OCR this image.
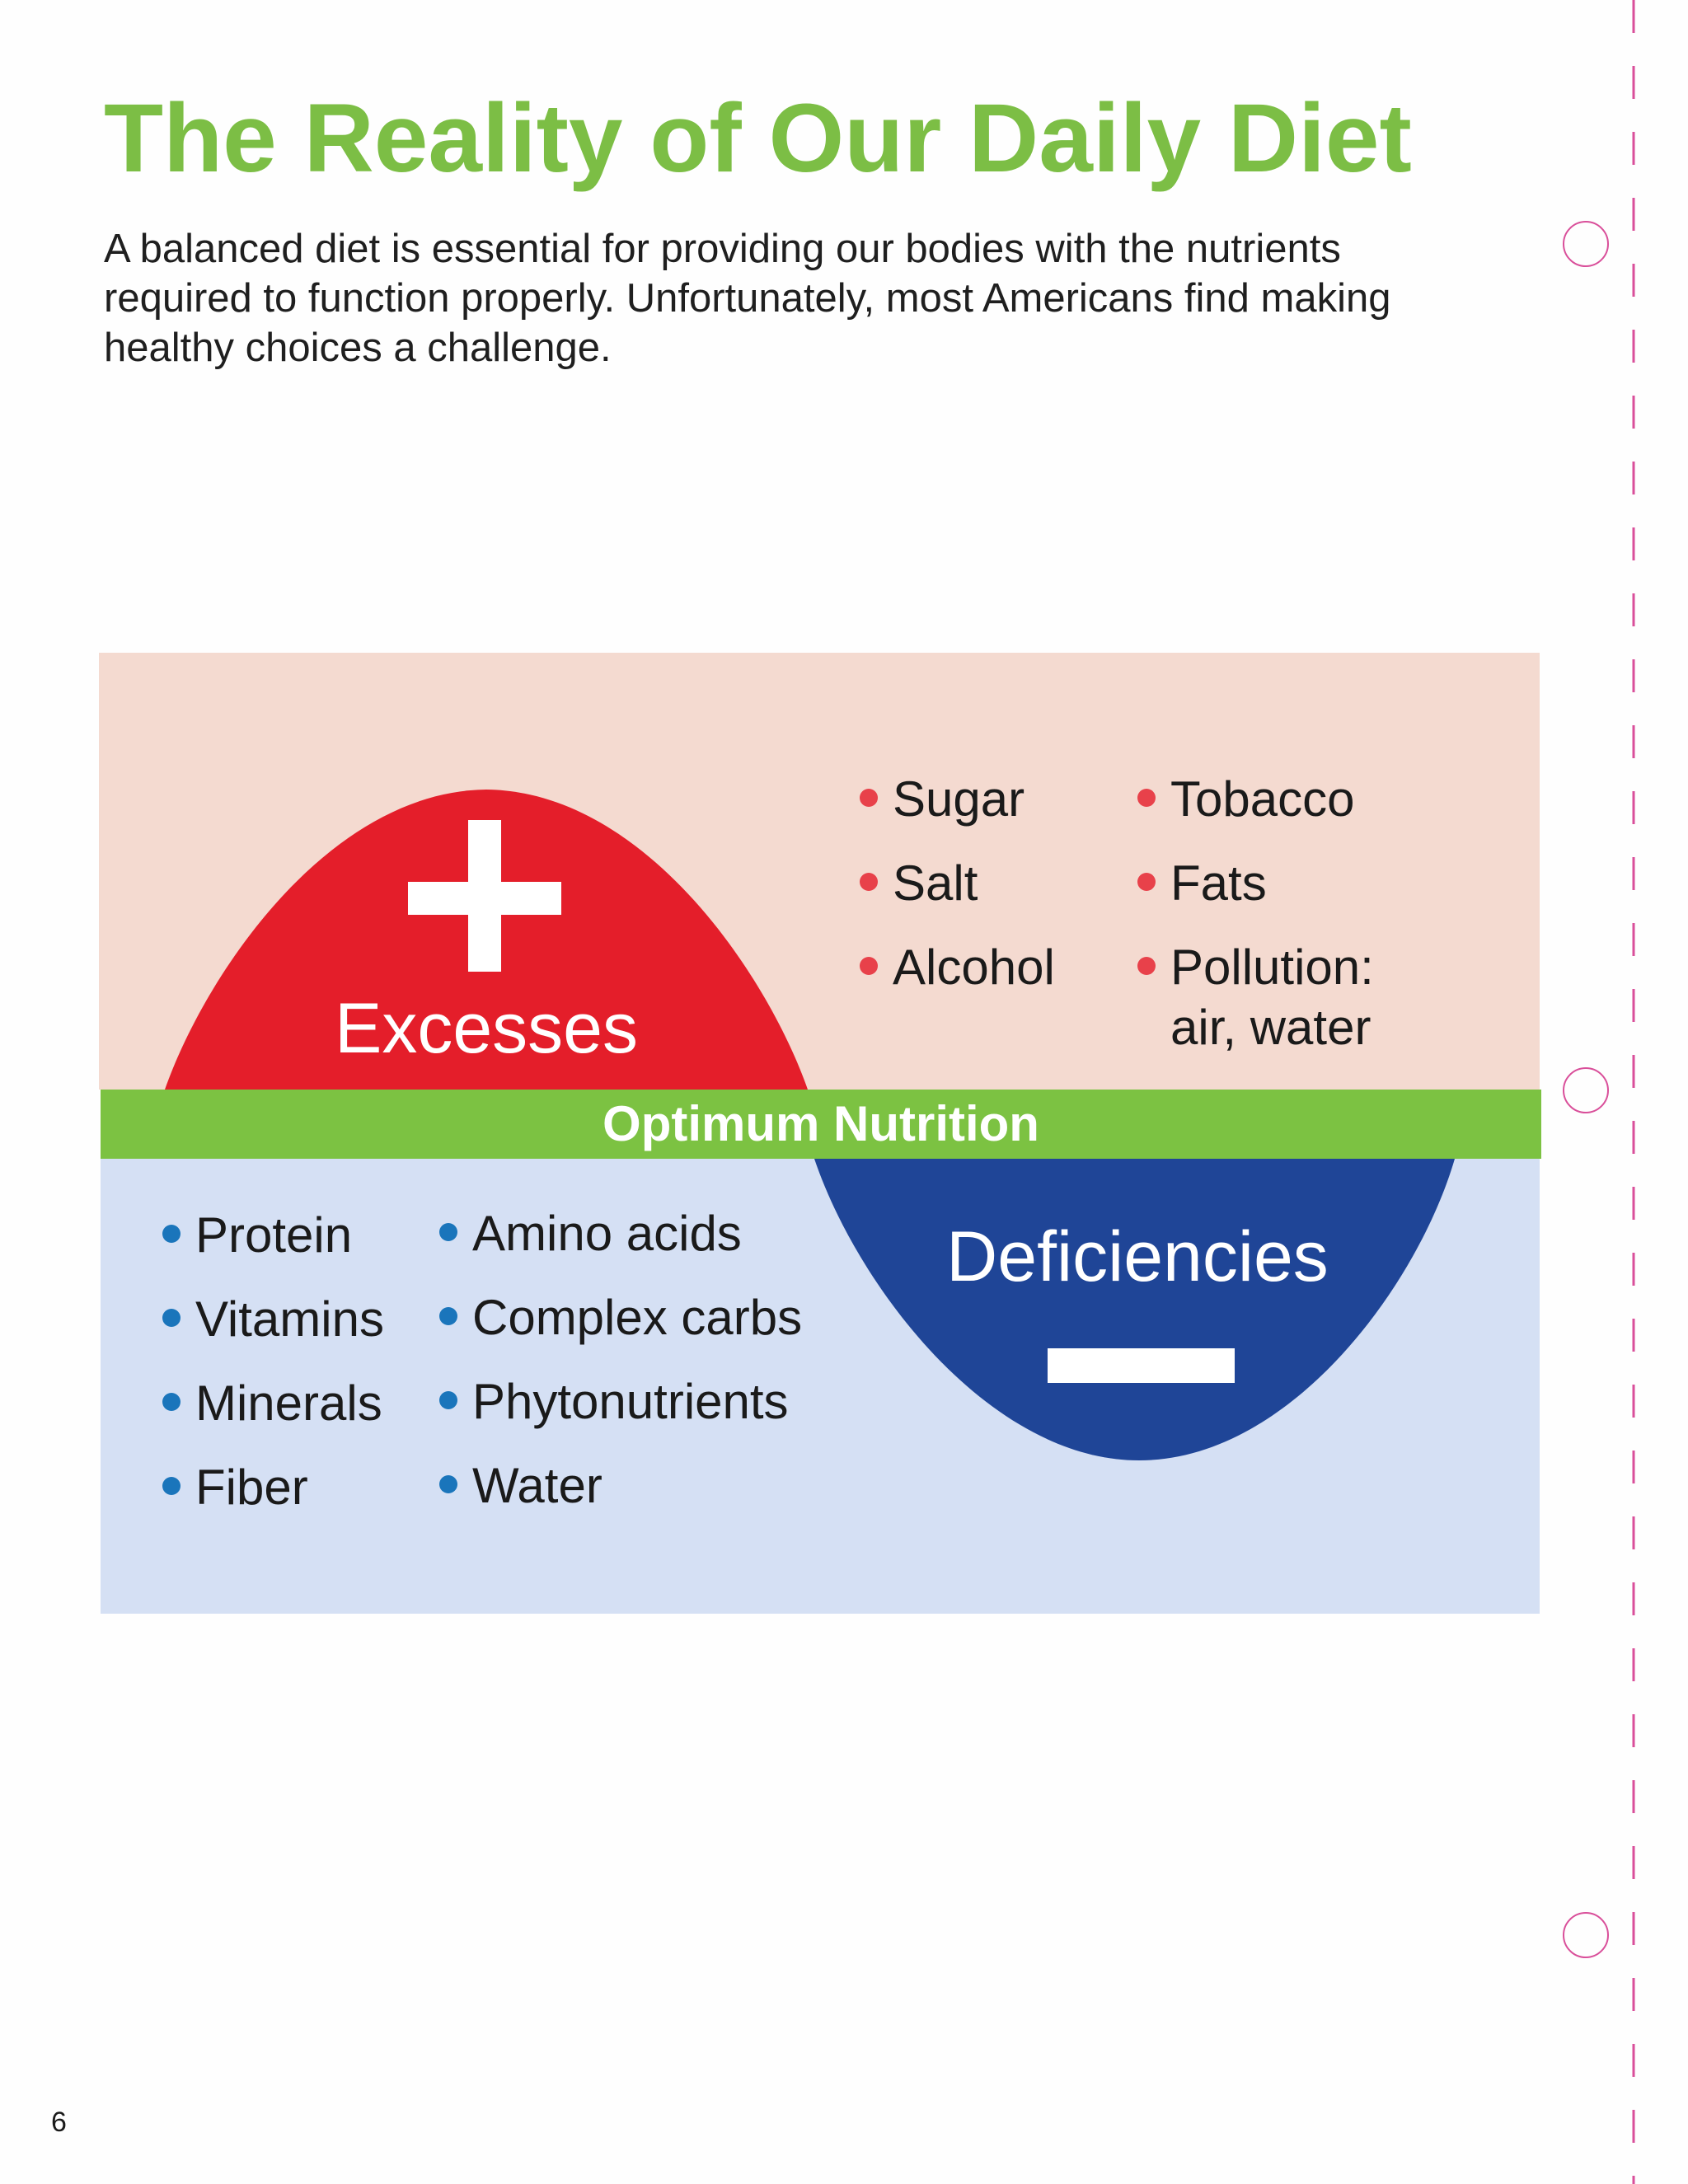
The Reality of Our Daily Diet

A balanced diet is essential for providing our bodies with the nutrients required to function properly. Unfortunately, most Americans find making healthy choices a challenge.

Optimum Nutrition
Excesses
Deficiencies
Sugar
Salt
Alcohol
Tobacco
Fats
Pollution:
air, water
Protein
Vitamins
Minerals
Fiber
Amino acids
Complex carbs
Phytonutrients
Water
6
